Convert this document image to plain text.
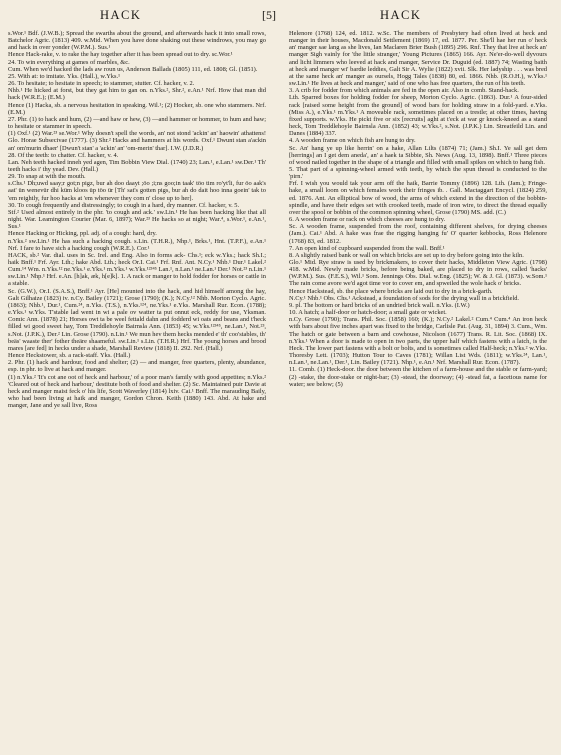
HACK	[5]	HACK

s.Wor.¹ Bdf. (J.W.B.); Spread the swarths about the ground, and afterwards hack it into small rows, Batchelor Agric. (1813) 409. w.Mid. When you have done shaking out these windrows, you may go and hack in over yonder (W.P.M.). Sus.¹

Hence Hack-rake, v. to rake the hay together after it has been spread out to dry. sc.Wor.¹

24. To win everything at games of marbles, &c.

Cum. When we'd hacked the lads aw roun us, Anderson Ballads (1805) 111, ed. 1808; Gl. (1851).

25. With at: to imitate. Yks. (Hall.), w.Yks.¹

26. To hesitate; to hesitate in speech; to stammer, stutter. Cf. hacker, v. 2.

Nhb.¹ He hicked at forst, but they gat him to gan on. n.Yks.², Shr.², e.An.¹ Nrf. How that man did hack (W.R.E.); (E.M.)

Hence (1) Hacka, sb. a nervous hesitation in speaking. Wil.¹; (2) Hocker, sb. one who stammers. Nrf. (E.M.)

27. Phr. (1) to hack and hum, (2) —and haw or hew, (3) —and hammer or hommer, to hum and haw; to hesitate or stammer in speech.

(1) Oxf.¹ (2) War.²³ se.Wor.¹ Why doesn't spell the words, an' not stond 'ackin' an' haowin' athattens! Glo. Horae Subsecivae (1777). (3) Shr.² Hacks and hammers at his words. Oxf.¹ Dwunt stan a'ackin an' om'murin dhaer' [Dwun't stan' a 'ackin' an' 'om-merin' thar]. I.W. (J.D.R.)

28. Of the teeth: to chatter. Cf. hacker, v. 4.

Lan. Neh teeth hacked inneh yed agen, Tim Bobbin View Dial. (1740) 23; Lan.¹, e.Lan.¹ sw.Der.¹ Th' teeth hacks i' thy yead. Dev. (Hall.)

29. To snap at with the mouth.

s.Chs.¹ Dh;uwd saay;r got;n pigz, bur ah doo daayt ;öo ;i;ns goo;in taak' töo tim ro'yt'li, fur öo aak's aat' ün wenevür dhi küm kloos üp töo ür [Th' sat's gotten pigs, bur ah do dait hoo inna goein' tak to 'em reightly, fur hoo hacks at 'em whenever they com n' close up to her].

30. To cough frequently and distressingly; to cough in a hard, dry manner. Cf. hacker, v. 5.

Stf.² Used almost entirely in the phr. 'to cough and ack.' sw.Lin.¹ He has been hacking like that all night. War. Leamington Courier (Mar. 6, 1897); War.²³ He hacks so at night; War.⁴, s.Wor.¹, e.An.¹, Sus.¹

Hence Hacking or Hicking, ppl. adj. of a cough: hard, dry.

n.Yks.² sw.Lin.¹ He has such a hacking cough. s.Lin. (T.H.R.), Nhp.¹, Brks.¹, Hnt. (T.P.F.), e.An.¹ Nrf. I fare to have sich a hacking cough (W.R.E.). Cor.¹

HACK, sb.² Var. dial. uses in Sc. Irel. and Eng. Also in forms ack- Chs.¹; eck w.Yks.; hack Sh.I.; haik Bnff.¹ Frf. Ayr. Lth.; hake Abd. Lth.; heck Or.I. Cai.¹ Frf. Rnf. Ant. N.Cy.¹ Nhb.¹ Dur.¹ Lakel.² Cum.¹⁴ Wm. n.Yks.¹² ne.Yks.¹ e.Yks.¹ m.Yks.¹ w.Yks.¹²³⁴⁵ Lan.¹, n.Lan.¹ ne.Lan.¹ Der.¹ Not.²³ n.Lin.¹ sw.Lin.¹ Nhp.¹ Hrf. e.An. [h]ak, æk, h[e]k]. 1. A rack or manger to hold fodder for horses or cattle in a stable.

Sc. (G.W.), Or.I. (S.A.S.), Bnff.¹ Ayr. [He] mounted into the hack, and hid himself among the hay, Galt Gilhaize (1823) iv. n.Cy. Bailey (1721); Grose (1790); (K.); N.Cy.¹² Nhb. Morton Cyclo. Agric. (1863); Nhb.¹, Dur.¹, Cum.²⁴, n.Yks. (T.S.), n.Yks.¹²⁴, ne.Yks.¹ e.Yks. Marshall Rur. Econ. (1788); e.Yks.¹ w.Yks. T'stable lad went in wi a pale ov watter ta put onnut eck, reddy for use, Yksman. Comic Ann. (1878) 21; Horses owt ta be weel fettald dahn and fodderd wi oats and beans and t'heck filled wi good sweet hay, Tom Treddlehoyle Bairnsla Ann. (1853) 45; w.Yks.¹²³⁴⁵, ne.Lan.¹, Not.²³, s.Not. (J.P.K.), Der.² Lin. Grose (1790). n.Lin.¹ We mun hev them hecks mended e' th' coo'stables, th' beäs' waaste ther' fother theäre shaameful. sw.Lin.¹ s.Lin. (T.H.R.) Hrf. The young horses and brood mares [are fed] in hecks under a shade, Marshall Review (1818) II. 292. Nrf. (Hall.)

Hence Heckstower, sb. a rack-staff. Yks. (Hall.)

2. Phr. (1) hack and hardour, food and shelter; (2) — and manger, free quarters, plenty, abundance, esp. in phr. to live at hack and manger.

(1) n.Yks.² 'It's cot ane oot of heck and harbour,' of a poor man's family with good appetites; n.Yks.² 'Cleared out of heck and harbour,' destitute both of food and shelter. (2) Sc. Maintained puir Davie at heck and manger maist feck o' his life, Scott Waverley (1814) lxiv. Cai.¹ Bnff. The marauding Baily, who had been living at haik and manger, Gordon Chron. Keith (1880) 143. Abd. At hake and manger, Jane and ye sall live, Ross

Helenore (1768) 124, ed. 1812. w.Sc. The members of Presbytery had often lived at heck and manger in their houses, Macdonald Settlement (1869) 17, ed. 1877. Per. She'll hae her run o' heck an' manger sae lang as she lives, Ian Maclaren Brier Bush (1895) 296. Rnf. They that live at heck an' manger Sigh vainly for 'the little stranger,' Young Pictures (1865) 166. Ayr. Ne'er-do-well dyvours and licht limmers who leeved at hack and manger, Service Dr. Duguid (ed. 1887) 74; Wasting baith at heck and manger wi' bardie leddies, Galt Sir A. Wylie (1822) xvii. Slk. Her ladyship . . . was bred at the same heck an' manger as oursels, Hogg Tales (1838) 80, ed. 1866. Nhb. (R.O.H.), w.Yks.¹ sw.Lin.¹ He lives at heck and manger,' said of one who has free quarters, the run of his teeth.

3. A crib for fodder from which animals are fed in the open air. Also in comb. Stand-hack.

Lth. Sparred boxes for holding fodder for sheep, Morton Cyclo. Agric. (1863). Dur.¹ A four-sided rack [raised some height from the ground] of wood bars for holding straw in a fold-yard. e.Yks. (Miss A.), e.Yks.¹ m.Yks.¹ A moveable rack, sometimes placed on a trestle; at other times, having fixed supports. w.Yks. He pickt five or six [recruits] aght at t'eck at war gr knock-kneed as a stand heck, Tom Treddlehoyle Bairnsla Ann. (1852) 43; w.Yks.², s.Not. (J.P.K.) Lin. Streatfeild Lin. and Danes (1884) 337.

4. A wooden frame on which fish are hung to dry.

Sc. An' hang ye up like herrin' on a hake, Allan Lilts (1874) 71; (Jam.) Sh.I. Ye sall get dem [herrings] an I get dem aneda', an' a haek ta Sibbie, Sh. News (Aug. 13, 1898). Bnff.¹ Three pieces of wood nailed together in the shape of a triangle and filled with small spikes on which to hang fish.

5. That part of a spinning-wheel armed with teeth, by which the spun thread is conducted to the 'pirn.'

Frf. I wish you would tak your arm off the haik, Barrie Tommy (1896) 128. Lth. (Jam.); Fringe-hake, a small loom on which females work their fringes ib. . Gall. Mactaggart Encycl. (1824) 259, ed. 1876. Ant. An elliptical bow of wood, the arms of which extend in the direction of the bobbin-spindle, and have their edges set with crooked teeth, made of iron wire, to direct the thread equally over the spool or bobbin of the common spinning wheel, Grose (1790) MS. add. (C.)

6. A wooden frame or rack on which cheeses are hung to dry.

Sc. A wooden frame, suspended from the roof, containing different shelves, for drying cheeses (Jam.). Cai.¹ Abd. A hake was frae the rigging hanging fu' O' quarter kebbocks, Ross Helenore (1768) 83, ed. 1812.

7. An open kind of cupboard suspended from the wall. Bnff.¹

8. A slightly raised bank or wall on which bricks are set up to dry before going into the kiln.

Glo.¹ Mid. Rye straw is used by brickmakers, to cover their hacks, Middleton View Agric. (1798) 418. w.Mid. Newly made bricks, before being baked, are placed to dry in rows, called 'hacks' (W.P.M.). Sus. (F.E.S.), Wil.¹ Som. Jennings Obs. Dial. w.Eng. (1825); W. & J. Gl. (1873). w.Som.¹ The rain come avore we'd agot time vor to cover em, and spweiled the wole hack o' bricks.

Hence Hackstead, sb. the place where bricks are laid out to dry in a brick-garth.

N.Cy.¹ Nhb.¹ Obs. Chs.¹ Ackstead, a foundation of sods for the drying wall in a brickfield.

9. pl. The bottom or hard bricks of an undried brick wall. n.Yks. (I.W.)

10. A hatch; a half-door or hatch-door; a small gate or wicket.

n.Cy. Grose (1790); Trans. Phil. Soc. (1858) 160; (K.); N.Cy.² Lakel.² Cum.⁴ Cum.⁴ An iron heck with bars about five inches apart was fixed to the bridge, Carlisle Pat. (Aug. 31, 1894) 3. Cum., Wm. The hatch or gate between a barn and cowhouse, Nicolson (1677) Trans. R. Lit. Soc. (1868) IX. n.Yks.¹ When a door is made to open in two parts, the upper half which fastens with a latch, is the Heck. The lower part fastens with a bolt or bolts, and is sometimes called Half-heck; n.Yks.² w.Yks. Thoresby Lett. (1703); Hutton Tour to Caves (1781); Willan List Wds. (1811); w.Yks.²⁴, Lan.¹, n.Lan.¹, ne.Lan.¹, Der.¹, Lin. Bailey (1721). Nhp.¹, e.An.¹ Nrf. Marshall Rur. Econ. (1787).

11. Comb. (1) Heck-door. the door between the kitchen of a farm-house and the stable or farm-yard; (2) -stake, the door-stake or night-bar; (3) -stead, the doorway; (4) -stead fat, a facetious name for water; see below; (5)
